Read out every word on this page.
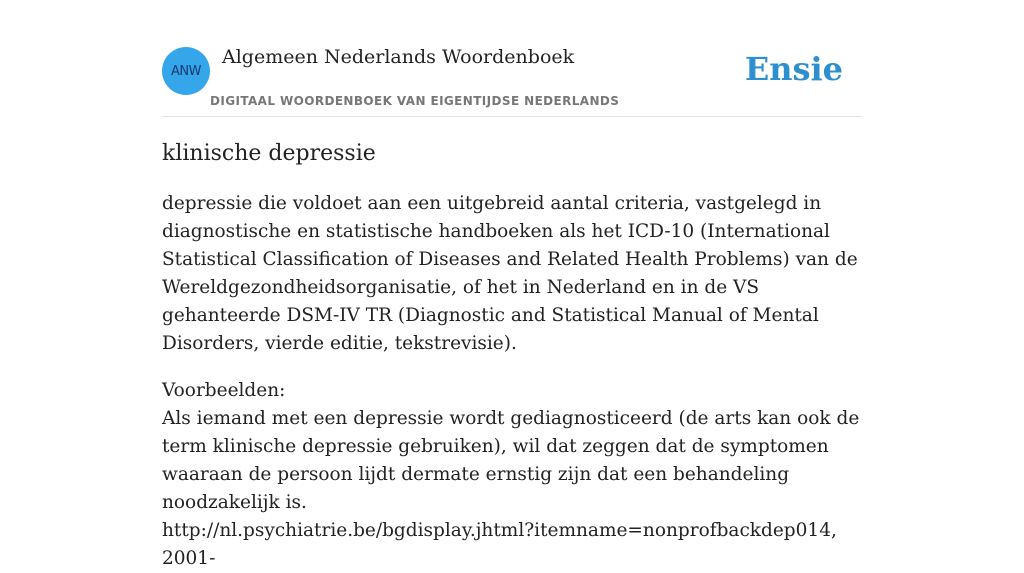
ANW
Algemeen Nederlands Woordenboek
DIGITAAL WOORDENBOEK VAN EIGENTIJDSE NEDERLANDS
Ensie
klinische depressie

depressie die voldoet aan een uitgebreid aantal criteria, vastgelegd in diagnostische en statistische handboeken als het ICD-10 (International Statistical Classification of Diseases and Related Health Problems) van de Wereldgezondheidsorganisatie, of het in Nederland en in de VS gehanteerde DSM-IV TR (Diagnostic and Statistical Manual of Mental Disorders, vierde editie, tekstrevisie).

Voorbeelden:
Als iemand met een depressie wordt gediagnosticeerd (de arts kan ook de term klinische depressie gebruiken), wil dat zeggen dat de symptomen waaraan de persoon lijdt dermate ernstig zijn dat een behandeling noodzakelijk is.
http://nl.psychiatrie.be/bgdisplay.jhtml?itemname=nonprofbackdep014, 2001-
